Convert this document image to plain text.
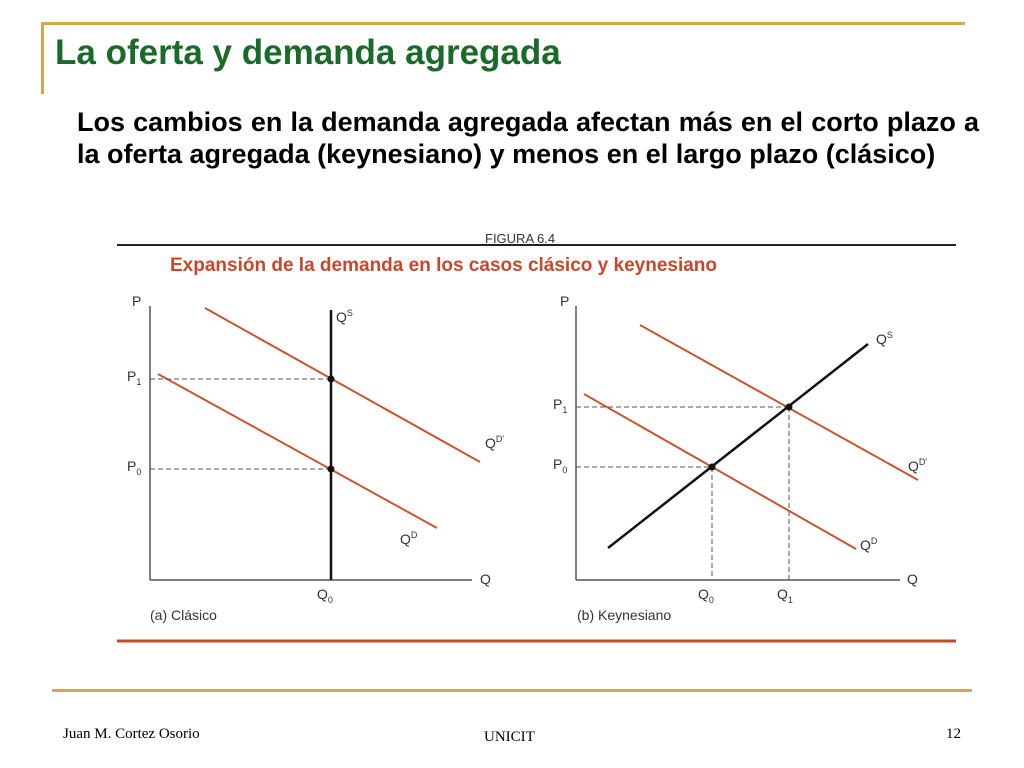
La oferta y demanda agregada
Los cambios en la demanda agregada afectan más en el corto plazo a la oferta agregada (keynesiano) y menos en el largo plazo (clásico)
FIGURA 6.4
Expansión de la demanda en los casos clásico y keynesiano
P
Q
$P_1$
$P_0$
$Q_0$
$Q^S$
$Q^{D'}$
$Q^D$
(a) Clásico
P
Q
$P_1$
$P_0$
$Q_0$	$Q_1$
$Q^S$
$Q^{D'}$
$Q^D$
(b) Keynesiano
Juan M. Cortez Osorio	UNICIT	12
